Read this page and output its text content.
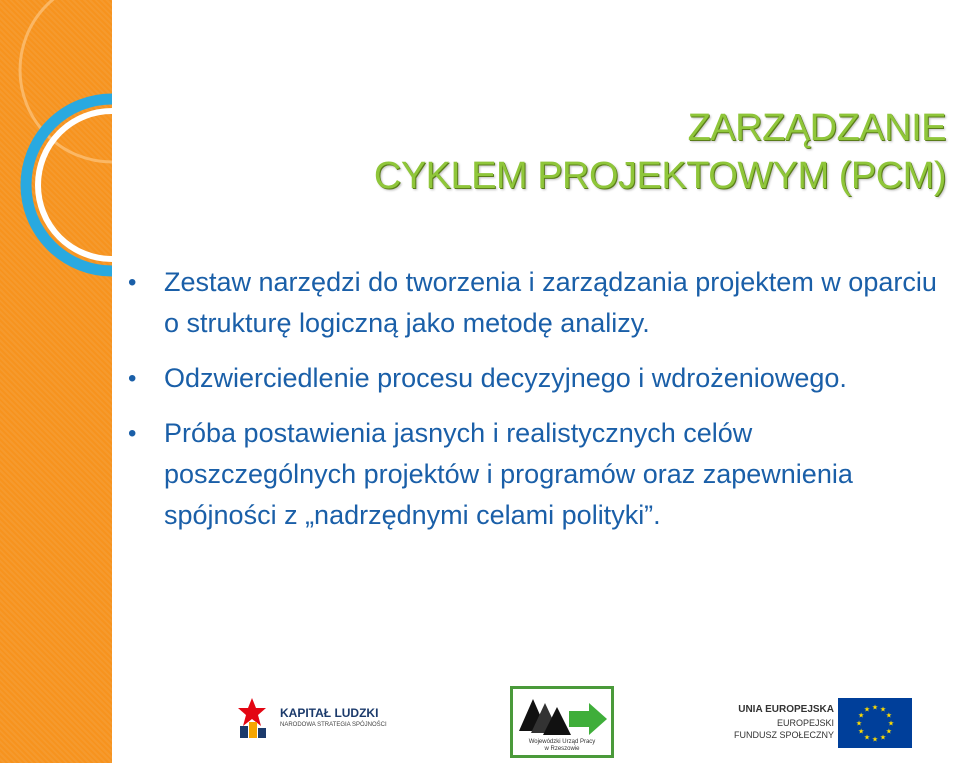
ZARZĄDZANIE
CYKLEM PROJEKTOWYM (PCM)
• Zestaw narzędzi do tworzenia i zarządzania projektem w oparciu o strukturę logiczną jako metodę analizy.
• Odzwierciedlenie procesu decyzyjnego i wdrożeniowego.
• Próba postawienia jasnych i realistycznych celów poszczególnych projektów i programów oraz zapewnienia spójności z „nadrzędnymi celami polityki”.
KAPITAŁ LUDZKI
NARODOWA STRATEGIA SPÓJNOŚCI
Wojewódzki Urząd Pracy
w Rzeszowie
UNIA EUROPEJSKA
EUROPEJSKI
FUNDUSZ SPOŁECZNY
★
★
★
★
★
★
★
★
★ ★ ★
★
